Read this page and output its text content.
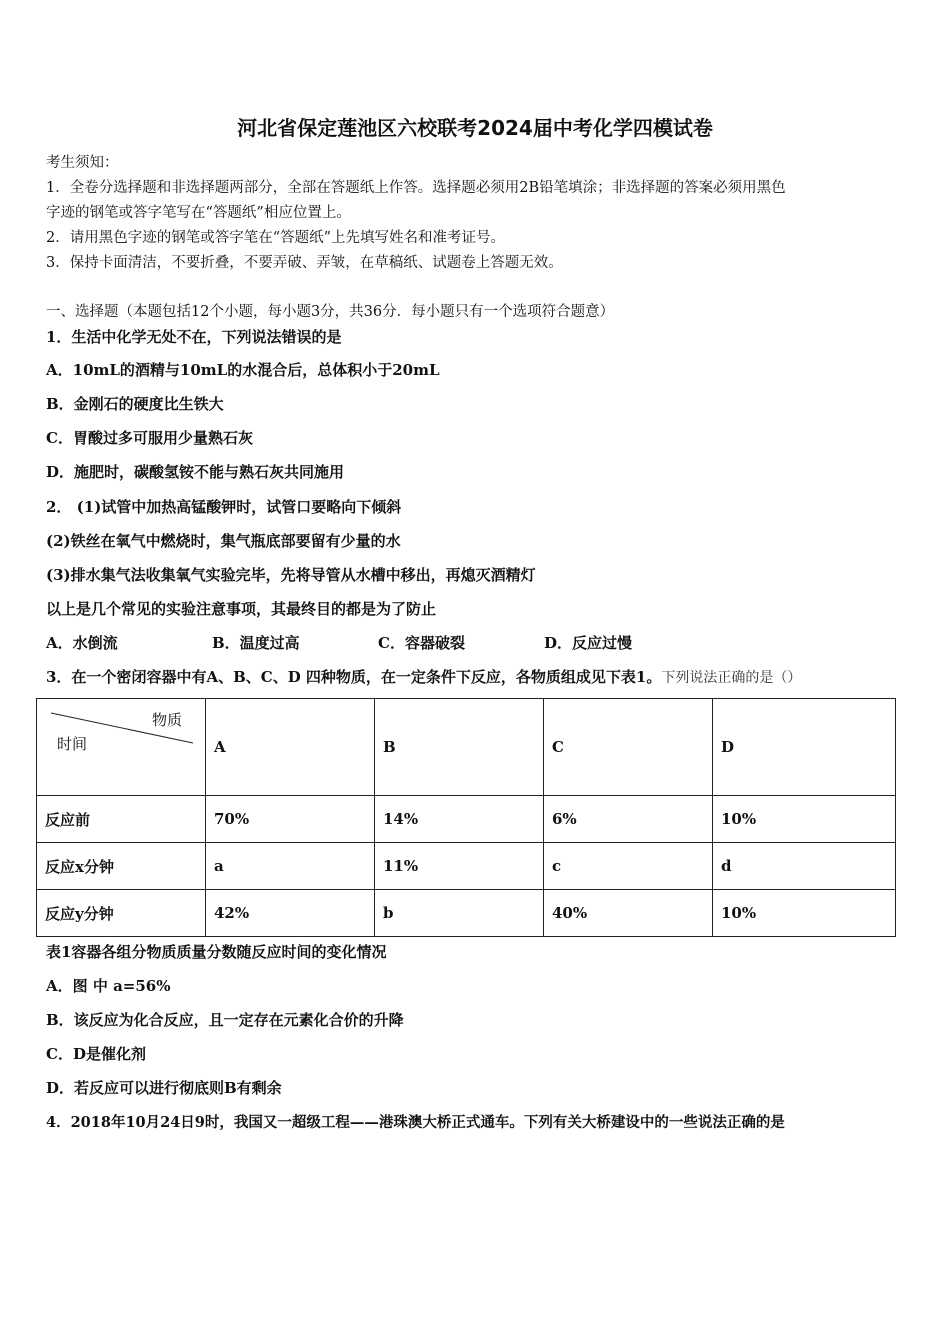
河北省保定莲池区六校联考2024届中考化学四模试卷
考生须知：
1．全卷分选择题和非选择题两部分，全部在答题纸上作答。选择题必须用2B铅笔填涂；非选择题的答案必须用黑色
字迹的钢笔或答字笔写在“答题纸”相应位置上。
2．请用黑色字迹的钢笔或答字笔在“答题纸”上先填写姓名和准考证号。
3．保持卡面清洁，不要折叠，不要弄破、弄皱，在草稿纸、试题卷上答题无效。
一、选择题（本题包括12个小题，每小题3分，共36分．每小题只有一个选项符合题意）
1．生活中化学无处不在，下列说法错误的是
A．10mL的酒精与10mL的水混合后，总体积小于20mL
B．金刚石的硬度比生铁大
C．胃酸过多可服用少量熟石灰
D．施肥时，碳酸氢铵不能与熟石灰共同施用
2． (1)试管中加热高锰酸钾时，试管口要略向下倾斜
(2)铁丝在氧气中燃烧时，集气瓶底部要留有少量的水
(3)排水集气法收集氧气实验完毕，先将导管从水槽中移出，再熄灭酒精灯
以上是几个常见的实验注意事项，其最终目的都是为了防止
A．水倒流	B．温度过高	C．容器破裂	D．反应过慢
3．在一个密闭容器中有A、B、C、D 四种物质，在一定条件下反应，各物质组成见下表1。下列说法正确的是（）
物质
时间	A	B	C	D
反应前	70%	14%	6%	10%
反应x分钟	a	11%	c	d
反应y分钟	42%	b	40%	10%
表1容器各组分物质质量分数随反应时间的变化情况
A．图 中 a=56%
B．该反应为化合反应，且一定存在元素化合价的升降
C．D是催化剂
D．若反应可以进行彻底则B有剩余
4．2018年10月24日9时，我国又一超级工程——港珠澳大桥正式通车。下列有关大桥建设中的一些说法正确的是
